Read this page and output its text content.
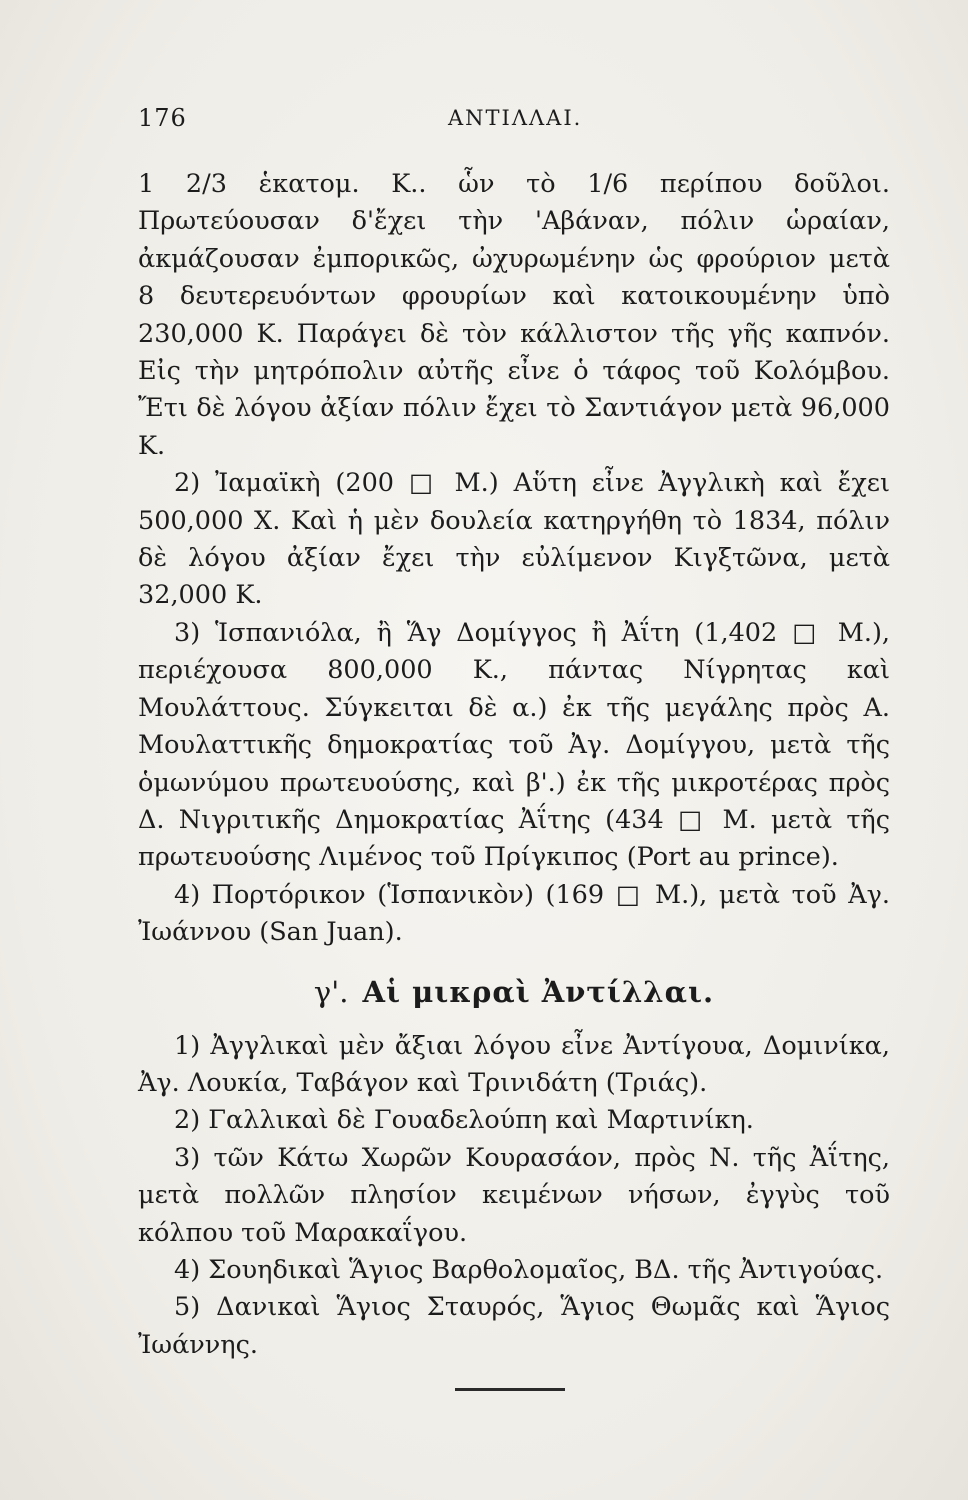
176	ΑΝΤΙΛΛΑΙ.

1 2/3 ἑκατομ. Κ.. ὧν τὸ 1/6 περίπου δοῦλοι. Πρωτεύουσαν δ'ἔχει τὴν 'Αβάναν, πόλιν ὡραίαν, ἀκμάζουσαν ἐμπορικῶς, ὠχυρωμένην ὡς φρούριον μετὰ 8 δευτερευόντων φρουρίων καὶ κατοικουμένην ὑπὸ 230,000 Κ. Παράγει δὲ τὸν κάλλιστον τῆς γῆς καπνόν. Εἰς τὴν μητρόπολιν αὐτῆς εἶνε ὁ τάφος τοῦ Κολόμβου. Ἔτι δὲ λόγου ἀξίαν πόλιν ἔχει τὸ Σαντιάγον μετὰ 96,000 Κ.

2) Ἰαμαϊκὴ (200 □ Μ.) Αὕτη εἶνε Ἀγγλικὴ καὶ ἔχει 500,000 Χ. Καὶ ἡ μὲν δουλεία κατηργήθη τὸ 1834, πόλιν δὲ λόγου ἀξίαν ἔχει τὴν εὐλίμενον Κιγξτῶνα, μετὰ 32,000 Κ.

3) Ἱσπανιόλα, ἢ Ἅγ Δομίγγος ἢ Ἀΐτη (1,402 □ Μ.), περιέχουσα 800,000 Κ., πάντας Νίγρητας καὶ Μουλάττους. Σύγκειται δὲ α.) ἐκ τῆς μεγάλης πρὸς Α. Μουλαττικῆς δημοκρατίας τοῦ Ἀγ. Δομίγγου, μετὰ τῆς ὁμωνύμου πρωτευούσης, καὶ β'.) ἐκ τῆς μικροτέρας πρὸς Δ. Νιγριτικῆς Δημοκρατίας Ἀΐτης (434 □ Μ. μετὰ τῆς πρωτευούσης Λιμένος τοῦ Πρίγκιπος (Port au prince).

4) Πορτόρικον (Ἱσπανικὸν) (169 □ Μ.), μετὰ τοῦ Ἀγ. Ἰωάννου (San Juan).

γ'. Αἱ μικραὶ Ἀντίλλαι.

1) Ἀγγλικαὶ μὲν ἄξιαι λόγου εἶνε Ἀντίγουα, Δομινίκα, Ἀγ. Λουκία, Ταβάγον καὶ Τρινιδάτη (Τριάς).

2) Γαλλικαὶ δὲ Γουαδελούπη καὶ Μαρτινίκη.

3) τῶν Κάτω Χωρῶν Κουρασάον, πρὸς Ν. τῆς Ἀΐτης, μετὰ πολλῶν πλησίον κειμένων νήσων, ἐγγὺς τοῦ κόλπου τοῦ Μαρακαΐγου.

4) Σουηδικαὶ Ἅγιος Βαρθολομαῖος, ΒΔ. τῆς Ἀντιγούας.

5) Δανικαὶ Ἅγιος Σταυρός, Ἅγιος Θωμᾶς καὶ Ἅγιος Ἰωάννης.
